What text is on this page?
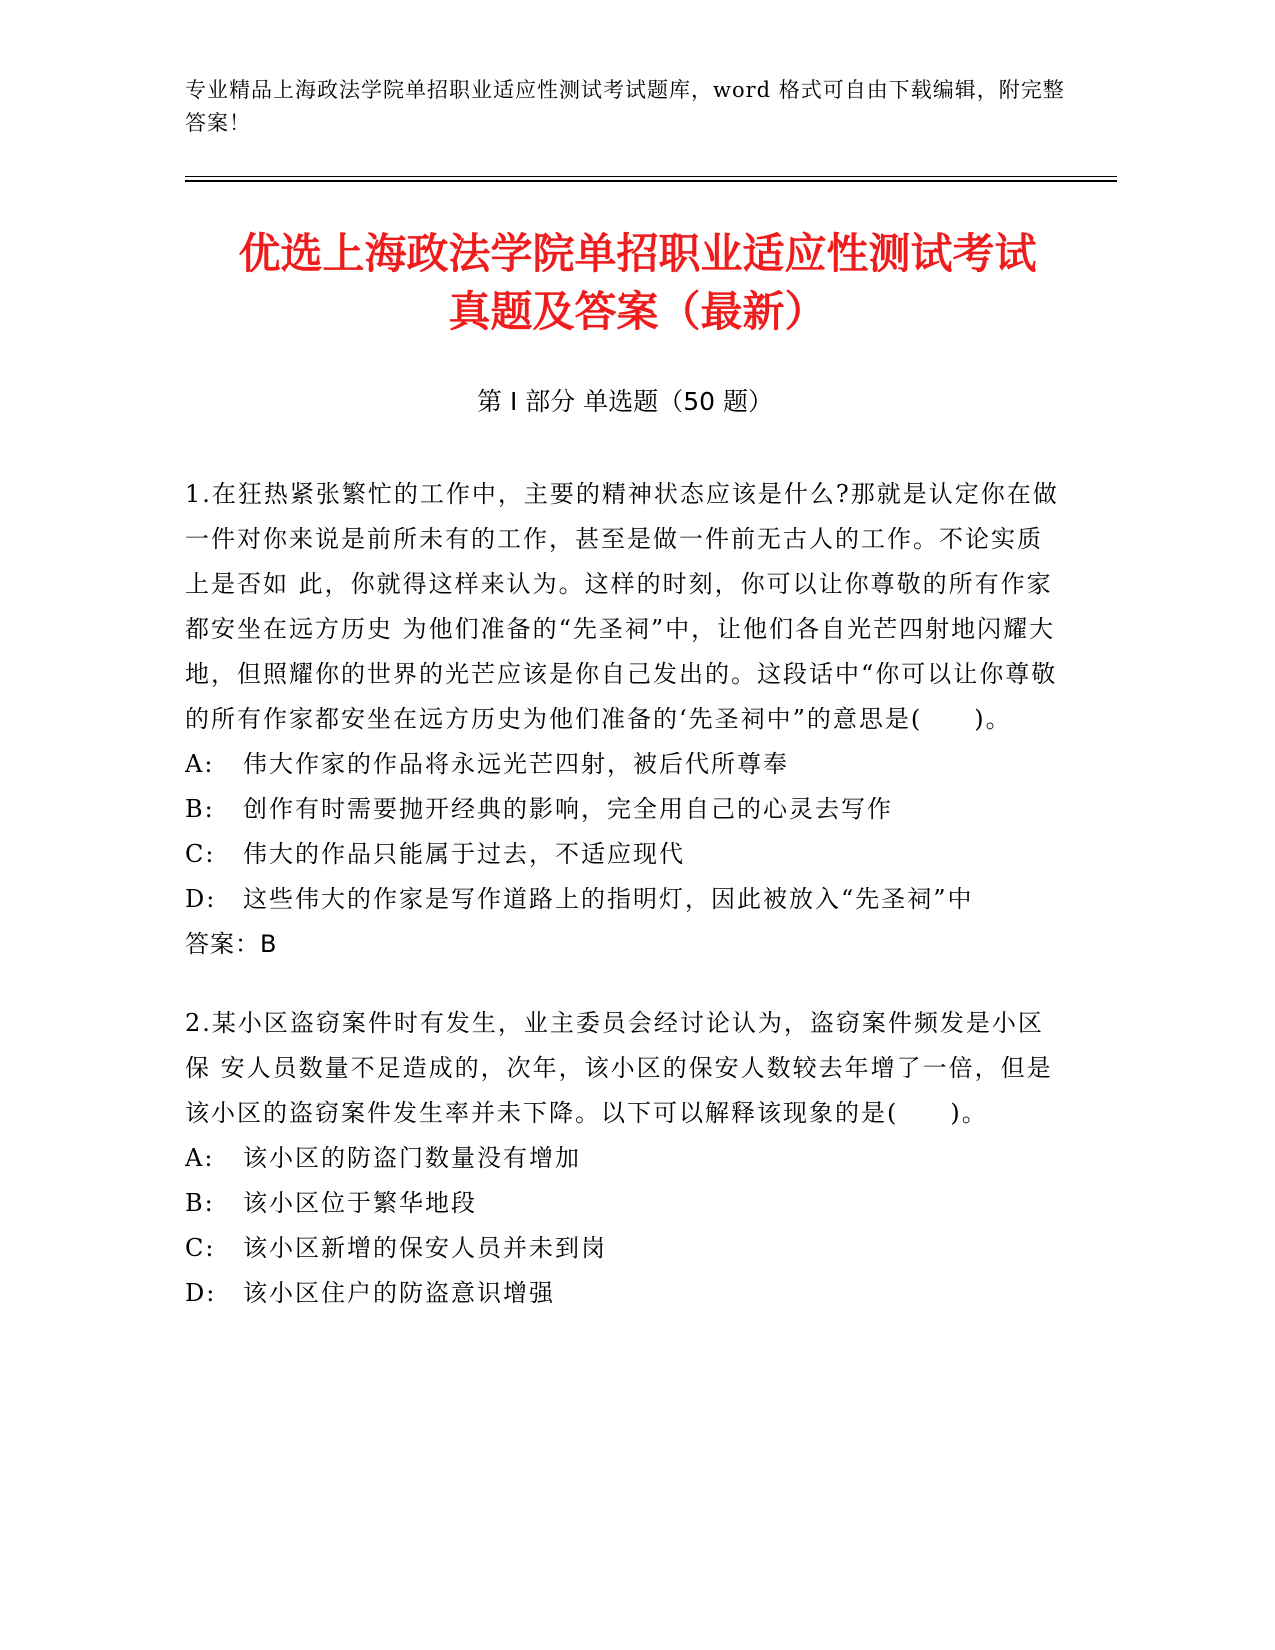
专业精品上海政法学院单招职业适应性测试考试题库，word 格式可自由下载编辑，附完整答案！
优选上海政法学院单招职业适应性测试考试
真题及答案（最新）
第 I 部分 单选题（50 题）

1.在狂热紧张繁忙的工作中，主要的精神状态应该是什么?那就是认定你在做 一件对你来说是前所未有的工作，甚至是做一件前无古人的工作。不论实质上是否如 此，你就得这样来认为。这样的时刻，你可以让你尊敬的所有作家都安坐在远方历史 为他们准备的“先圣祠”中，让他们各自光芒四射地闪耀大地，但照耀你的世界的光芒应该是你自己发出的。这段话中“你可以让你尊敬的所有作家都安坐在远方历史为他们准备的‘先圣祠中”的意思是(　　)。

A:	伟大作家的作品将永远光芒四射，被后代所尊奉
B:	创作有时需要抛开经典的影响，完全用自己的心灵去写作
C:	伟大的作品只能属于过去，不适应现代
D:	这些伟大的作家是写作道路上的指明灯，因此被放入“先圣祠”中

答案：B

2.某小区盗窃案件时有发生，业主委员会经讨论认为，盗窃案件频发是小区保 安人员数量不足造成的，次年，该小区的保安人数较去年增了一倍，但是该小区的盗窃案件发生率并未下降。以下可以解释该现象的是(　　)。

A:	该小区的防盗门数量没有增加
B:	该小区位于繁华地段
C:	该小区新增的保安人员并未到岗
D:	该小区住户的防盗意识增强
